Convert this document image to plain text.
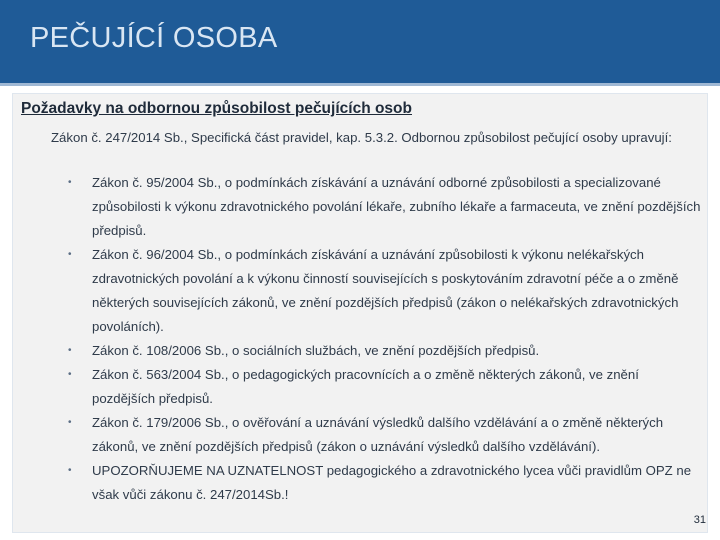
PEČUJÍCÍ OSOBA
Požadavky na odbornou způsobilost pečujících osob
Zákon č. 247/2014 Sb., Specifická část pravidel, kap. 5.3.2. Odbornou způsobilost pečující osoby upravují:
• Zákon č. 95/2004 Sb., o podmínkách získávání a uznávání odborné způsobilosti a specializované způsobilosti k výkonu zdravotnického povolání lékaře, zubního lékaře a farmaceuta, ve znění pozdějších předpisů.
• Zákon č. 96/2004 Sb., o podmínkách získávání a uznávání způsobilosti k výkonu nelékařských zdravotnických povolání a k výkonu činností souvisejících s poskytováním zdravotní péče a o změně některých souvisejících zákonů, ve znění pozdějších předpisů (zákon o nelékařských zdravotnických povoláních).
• Zákon č. 108/2006 Sb., o sociálních službách, ve znění pozdějších předpisů.
• Zákon č. 563/2004 Sb., o pedagogických pracovnících a o změně některých zákonů, ve znění pozdějších předpisů.
• Zákon č. 179/2006 Sb., o ověřování a uznávání výsledků dalšího vzdělávání a o změně některých zákonů, ve znění pozdějších předpisů (zákon o uznávání výsledků dalšího vzdělávání).
• UPOZORŇUJEME NA UZNATELNOST pedagogického a zdravotnického lycea vůči pravidlům OPZ ne však vůči zákonu č. 247/2014Sb.!
31
